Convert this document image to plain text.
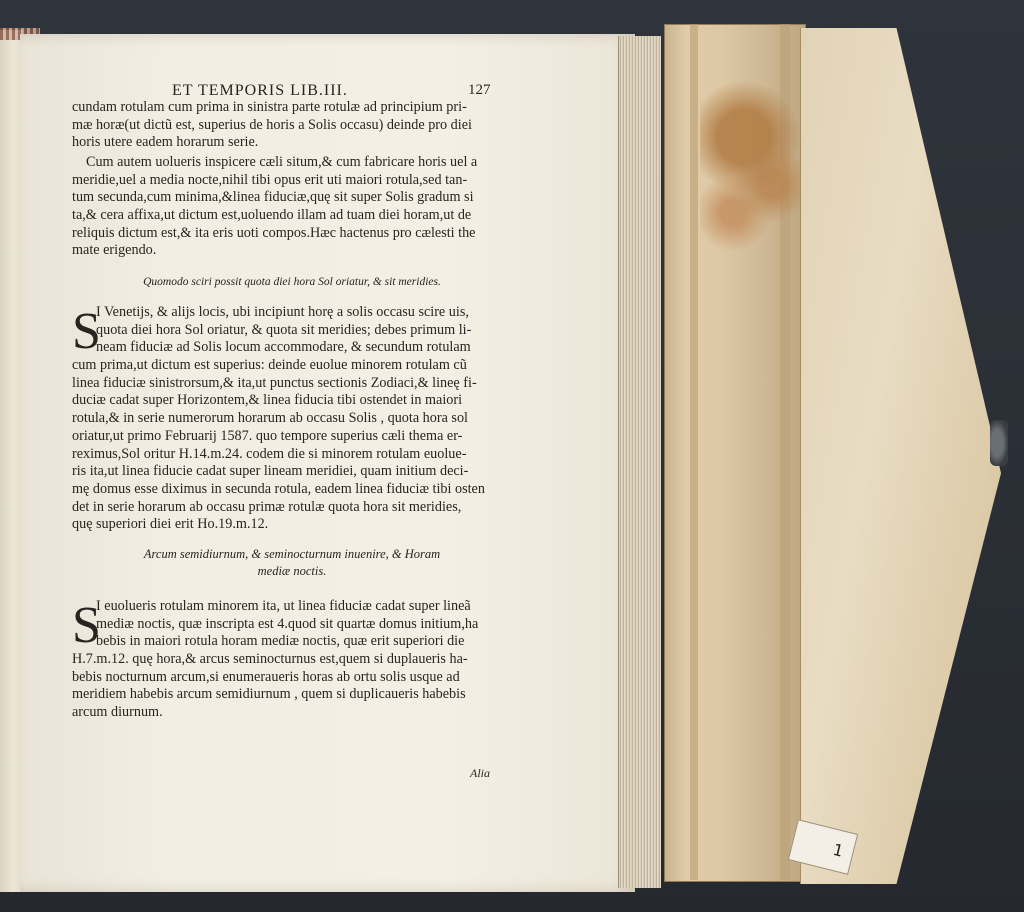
1
ET TEMPORIS LIB.III.	127
cundam rotulam cum prima in sinistra parte rotulæ ad principium pri-
mæ horæ(ut dictũ est, superius de horis a Solis occasu) deinde pro diei
horis utere eadem horarum serie.
Cum autem uolueris inspicere cæli situm,& cum fabricare horis uel a
meridie,uel a media nocte,nihil tibi opus erit uti maiori rotula,sed tan-
tum secunda,cum minima,&linea fiduciæ,quę sit super Solis gradum si
ta,& cera affixa,ut dictum est,uoluendo illam ad tuam diei horam,ut de
reliquis dictum est,& ita eris uoti compos.Hæc hactenus pro cælesti the
mate erigendo.
Quomodo sciri possit quota diei hora Sol oriatur, & sit meridies.
S
I Venetijs, & alijs locis, ubi incipiunt horę a solis occasu scire uis,
quota diei hora Sol oriatur, & quota sit meridies; debes primum li-
neam fiduciæ ad Solis locum accommodare, & secundum rotulam
cum prima,ut dictum est superius: deinde euolue minorem rotulam cũ
linea fiduciæ sinistrorsum,& ita,ut punctus sectionis Zodiaci,& lineę fi-
duciæ cadat super Horizontem,& linea fiducia tibi ostendet in maiori
rotula,& in serie numerorum horarum ab occasu Solis , quota hora sol
oriatur,ut primo Februarij 1587. quo tempore superius cæli thema er-
reximus,Sol oritur H.14.m.24. codem die si minorem rotulam euolue-
ris ita,ut linea fiducie cadat super lineam meridiei, quam initium deci-
mę domus esse diximus in secunda rotula, eadem linea fiduciæ tibi osten
det in serie horarum ab occasu primæ rotulæ quota hora sit meridies,
quę superiori diei erit Ho.19.m.12.
Arcum semidiurnum, & seminocturnum inuenire, & Horam
mediæ noctis.
S
I euolueris rotulam minorem ita, ut linea fiduciæ cadat super lineã
mediæ noctis, quæ inscripta est 4.quod sit quartæ domus initium,ha
bebis in maiori rotula horam mediæ noctis, quæ erit superiori die
H.7.m.12. quę hora,& arcus seminocturnus est,quem si duplaueris ha-
bebis nocturnum arcum,si enumeraueris horas ab ortu solis usque ad
meridiem habebis arcum semidiurnum , quem si duplicaueris habebis
arcum diurnum.
Alia
